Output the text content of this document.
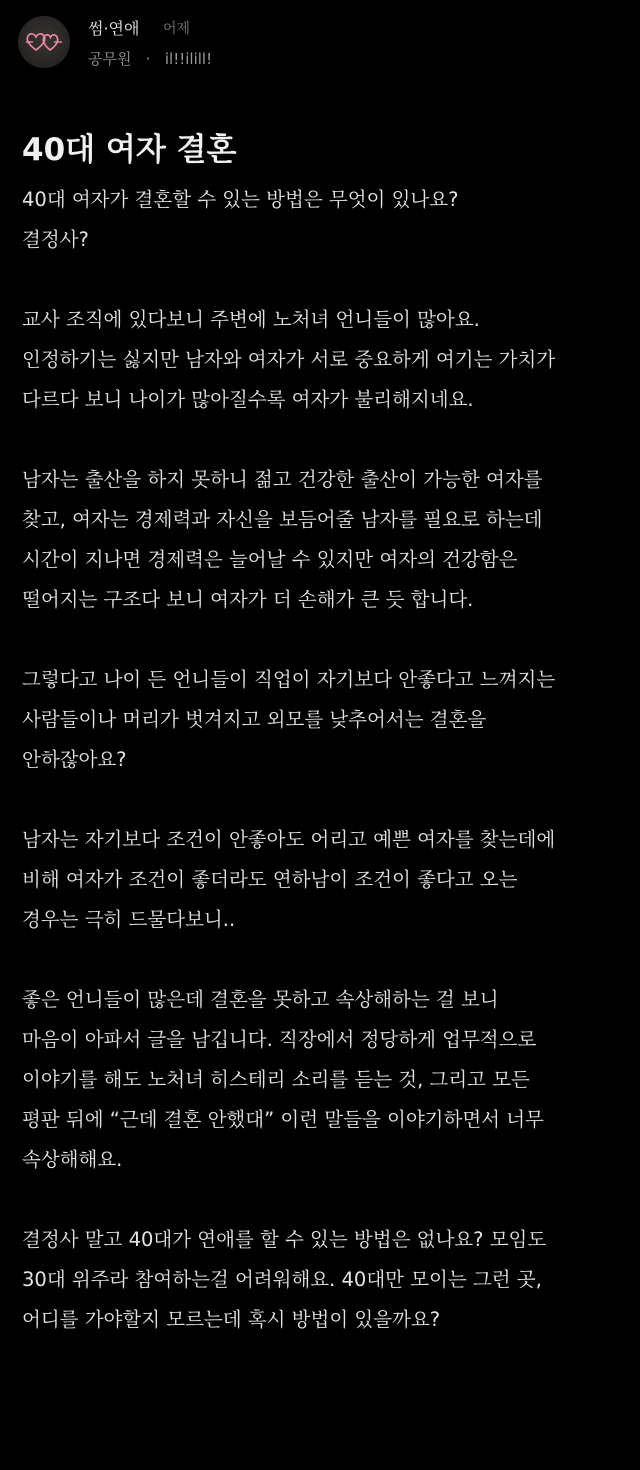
썸·연애 어제
공무원 · il!!ilill!
40대 여자 결혼
40대 여자가 결혼할 수 있는 방법은 무엇이 있나요?
결정사?
교사 조직에 있다보니 주변에 노처녀 언니들이 많아요.
인정하기는 싫지만 남자와 여자가 서로 중요하게 여기는 가치가
다르다 보니 나이가 많아질수록 여자가 불리해지네요.
남자는 출산을 하지 못하니 젊고 건강한 출산이 가능한 여자를
찾고, 여자는 경제력과 자신을 보듬어줄 남자를 필요로 하는데
시간이 지나면 경제력은 늘어날 수 있지만 여자의 건강함은
떨어지는 구조다 보니 여자가 더 손해가 큰 듯 합니다.
그렇다고 나이 든 언니들이 직업이 자기보다 안좋다고 느껴지는
사람들이나 머리가 벗겨지고 외모를 낮추어서는 결혼을
안하잖아요?
남자는 자기보다 조건이 안좋아도 어리고 예쁜 여자를 찾는데에
비해 여자가 조건이 좋더라도 연하남이 조건이 좋다고 오는
경우는 극히 드물다보니..
좋은 언니들이 많은데 결혼을 못하고 속상해하는 걸 보니
마음이 아파서 글을 남깁니다. 직장에서 정당하게 업무적으로
이야기를 해도 노처녀 히스테리 소리를 듣는 것, 그리고 모든
평판 뒤에 “근데 결혼 안했대” 이런 말들을 이야기하면서 너무
속상해해요.
결정사 말고 40대가 연애를 할 수 있는 방법은 없나요? 모임도
30대 위주라 참여하는걸 어려워해요. 40대만 모이는 그런 곳,
어디를 가야할지 모르는데 혹시 방법이 있을까요?
